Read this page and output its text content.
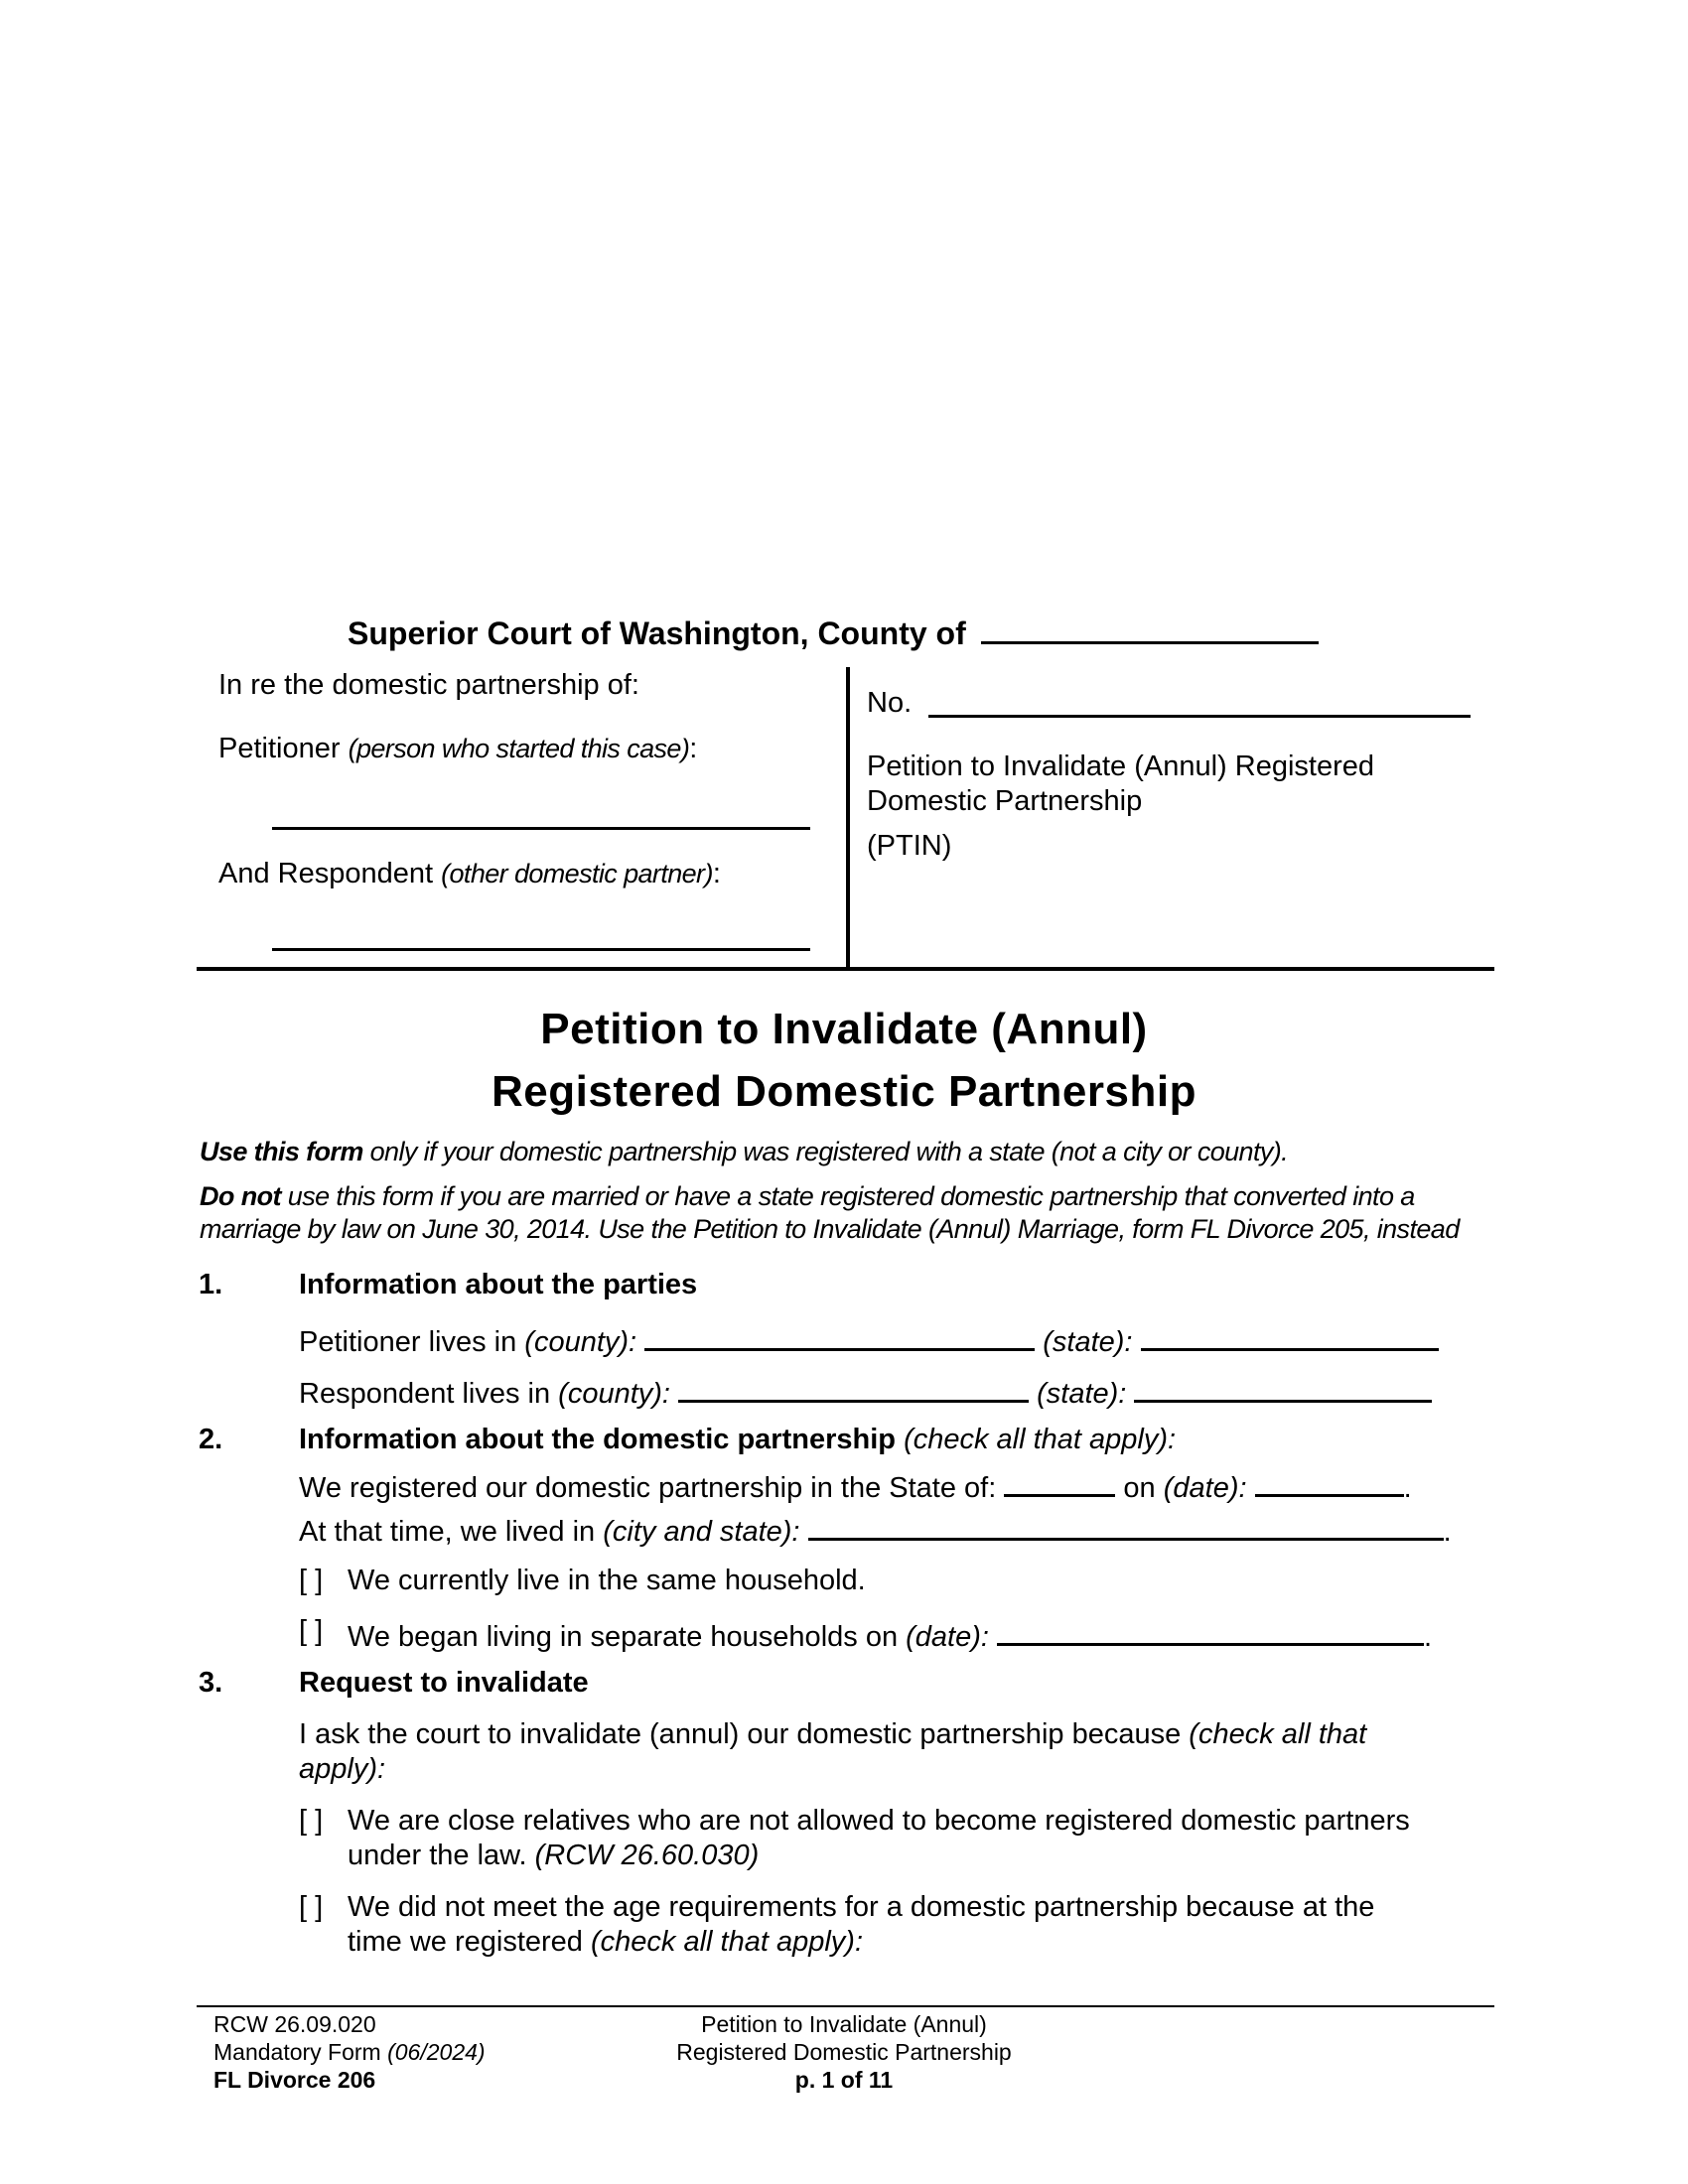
Superior Court of Washington, County of
In re the domestic partnership of:
Petitioner (person who started this case):
And Respondent (other domestic partner):
No.
Petition to Invalidate (Annul) Registered
Domestic Partnership
(PTIN)
Petition to Invalidate (Annul)
Registered Domestic Partnership
Use this form only if your domestic partnership was registered with a state (not a city or county).
Do not use this form if you are married or have a state registered domestic partnership that converted into a
marriage by law on June 30, 2014. Use the Petition to Invalidate (Annul) Marriage, form FL Divorce 205, instead
1.	Information about the parties
Petitioner lives in (county):	(state):
Respondent lives in (county):	(state):
2.	Information about the domestic partnership (check all that apply):
We registered our domestic partnership in the State of:	on (date):	.
At that time, we lived in (city and state):	.
[ ] We currently live in the same household.
[ ] We began living in separate households on (date):	.
3.	Request to invalidate
I ask the court to invalidate (annul) our domestic partnership because (check all that
apply):
[ ] We are close relatives who are not allowed to become registered domestic partners
under the law. (RCW 26.60.030)
[ ] We did not meet the age requirements for a domestic partnership because at the
time we registered (check all that apply):
RCW 26.09.020
Mandatory Form (06/2024)
FL Divorce 206
Petition to Invalidate (Annul)
Registered Domestic Partnership
p. 1 of 11
